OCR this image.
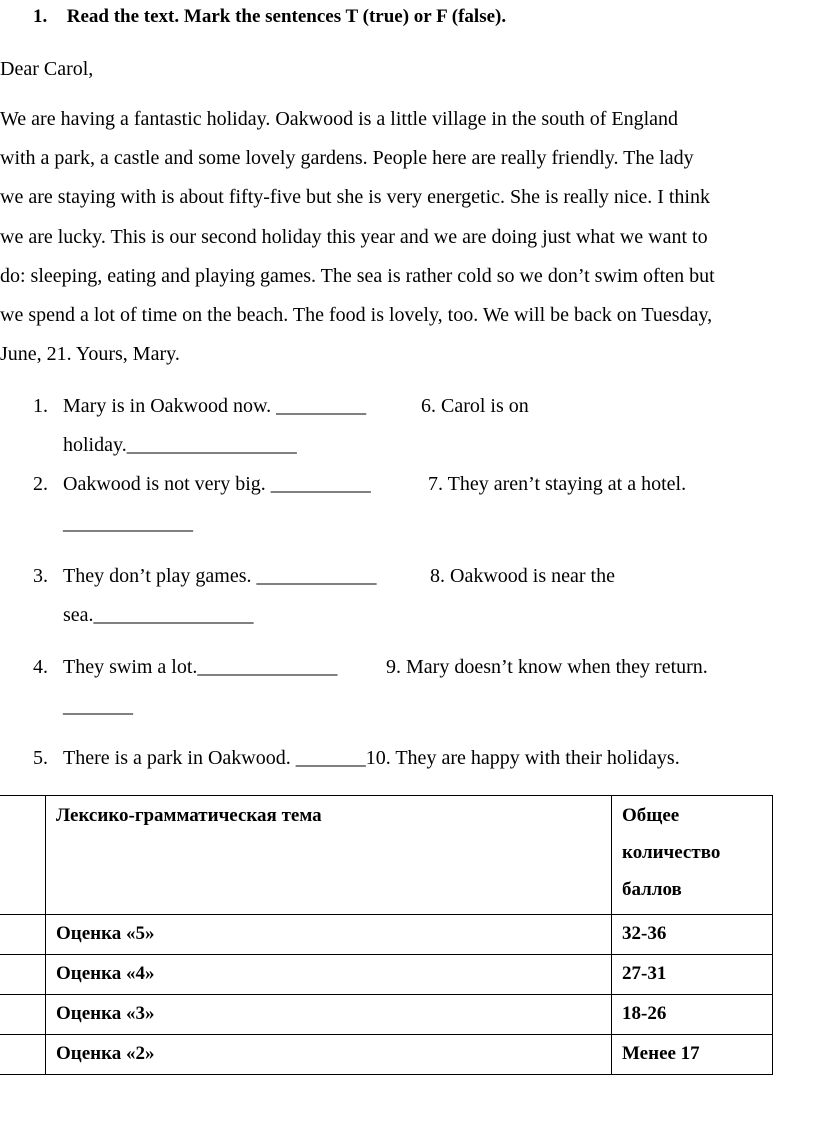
1. Read the text. Mark the sentences T (true) or F (false).
Dear Carol,
We are having a fantastic holiday. Oakwood is a little village in the south of England
with a park, a castle and some lovely gardens. People here are really friendly. The lady
we are staying with is about fifty-five but she is very energetic. She is really nice. I think
we are lucky. This is our second holiday this year and we are doing just what we want to
do: sleeping, eating and playing games. The sea is rather cold so we don’t swim often but
we spend a lot of time on the beach. The food is lovely, too. We will be back on Tuesday,
June, 21. Yours, Mary.
1. Mary is in Oakwood now. _________	6. Carol is on
holiday._________________
2. Oakwood is not very big. __________	7. They aren’t staying at a hotel.
_____________
3. They don’t play games. ____________	8. Oakwood is near the
sea.________________
4. They swim a lot.______________ 9. Mary doesn’t know when they return.
_______
5. There is a park in Oakwood. _______10. They are happy with their holidays.

	Лексико-грамматическая тема	Общее
количество
баллов

	Оценка «5»	32-36

	Оценка «4»	27-31

	Оценка «3»	18-26

	Оценка «2»	Менее 17
